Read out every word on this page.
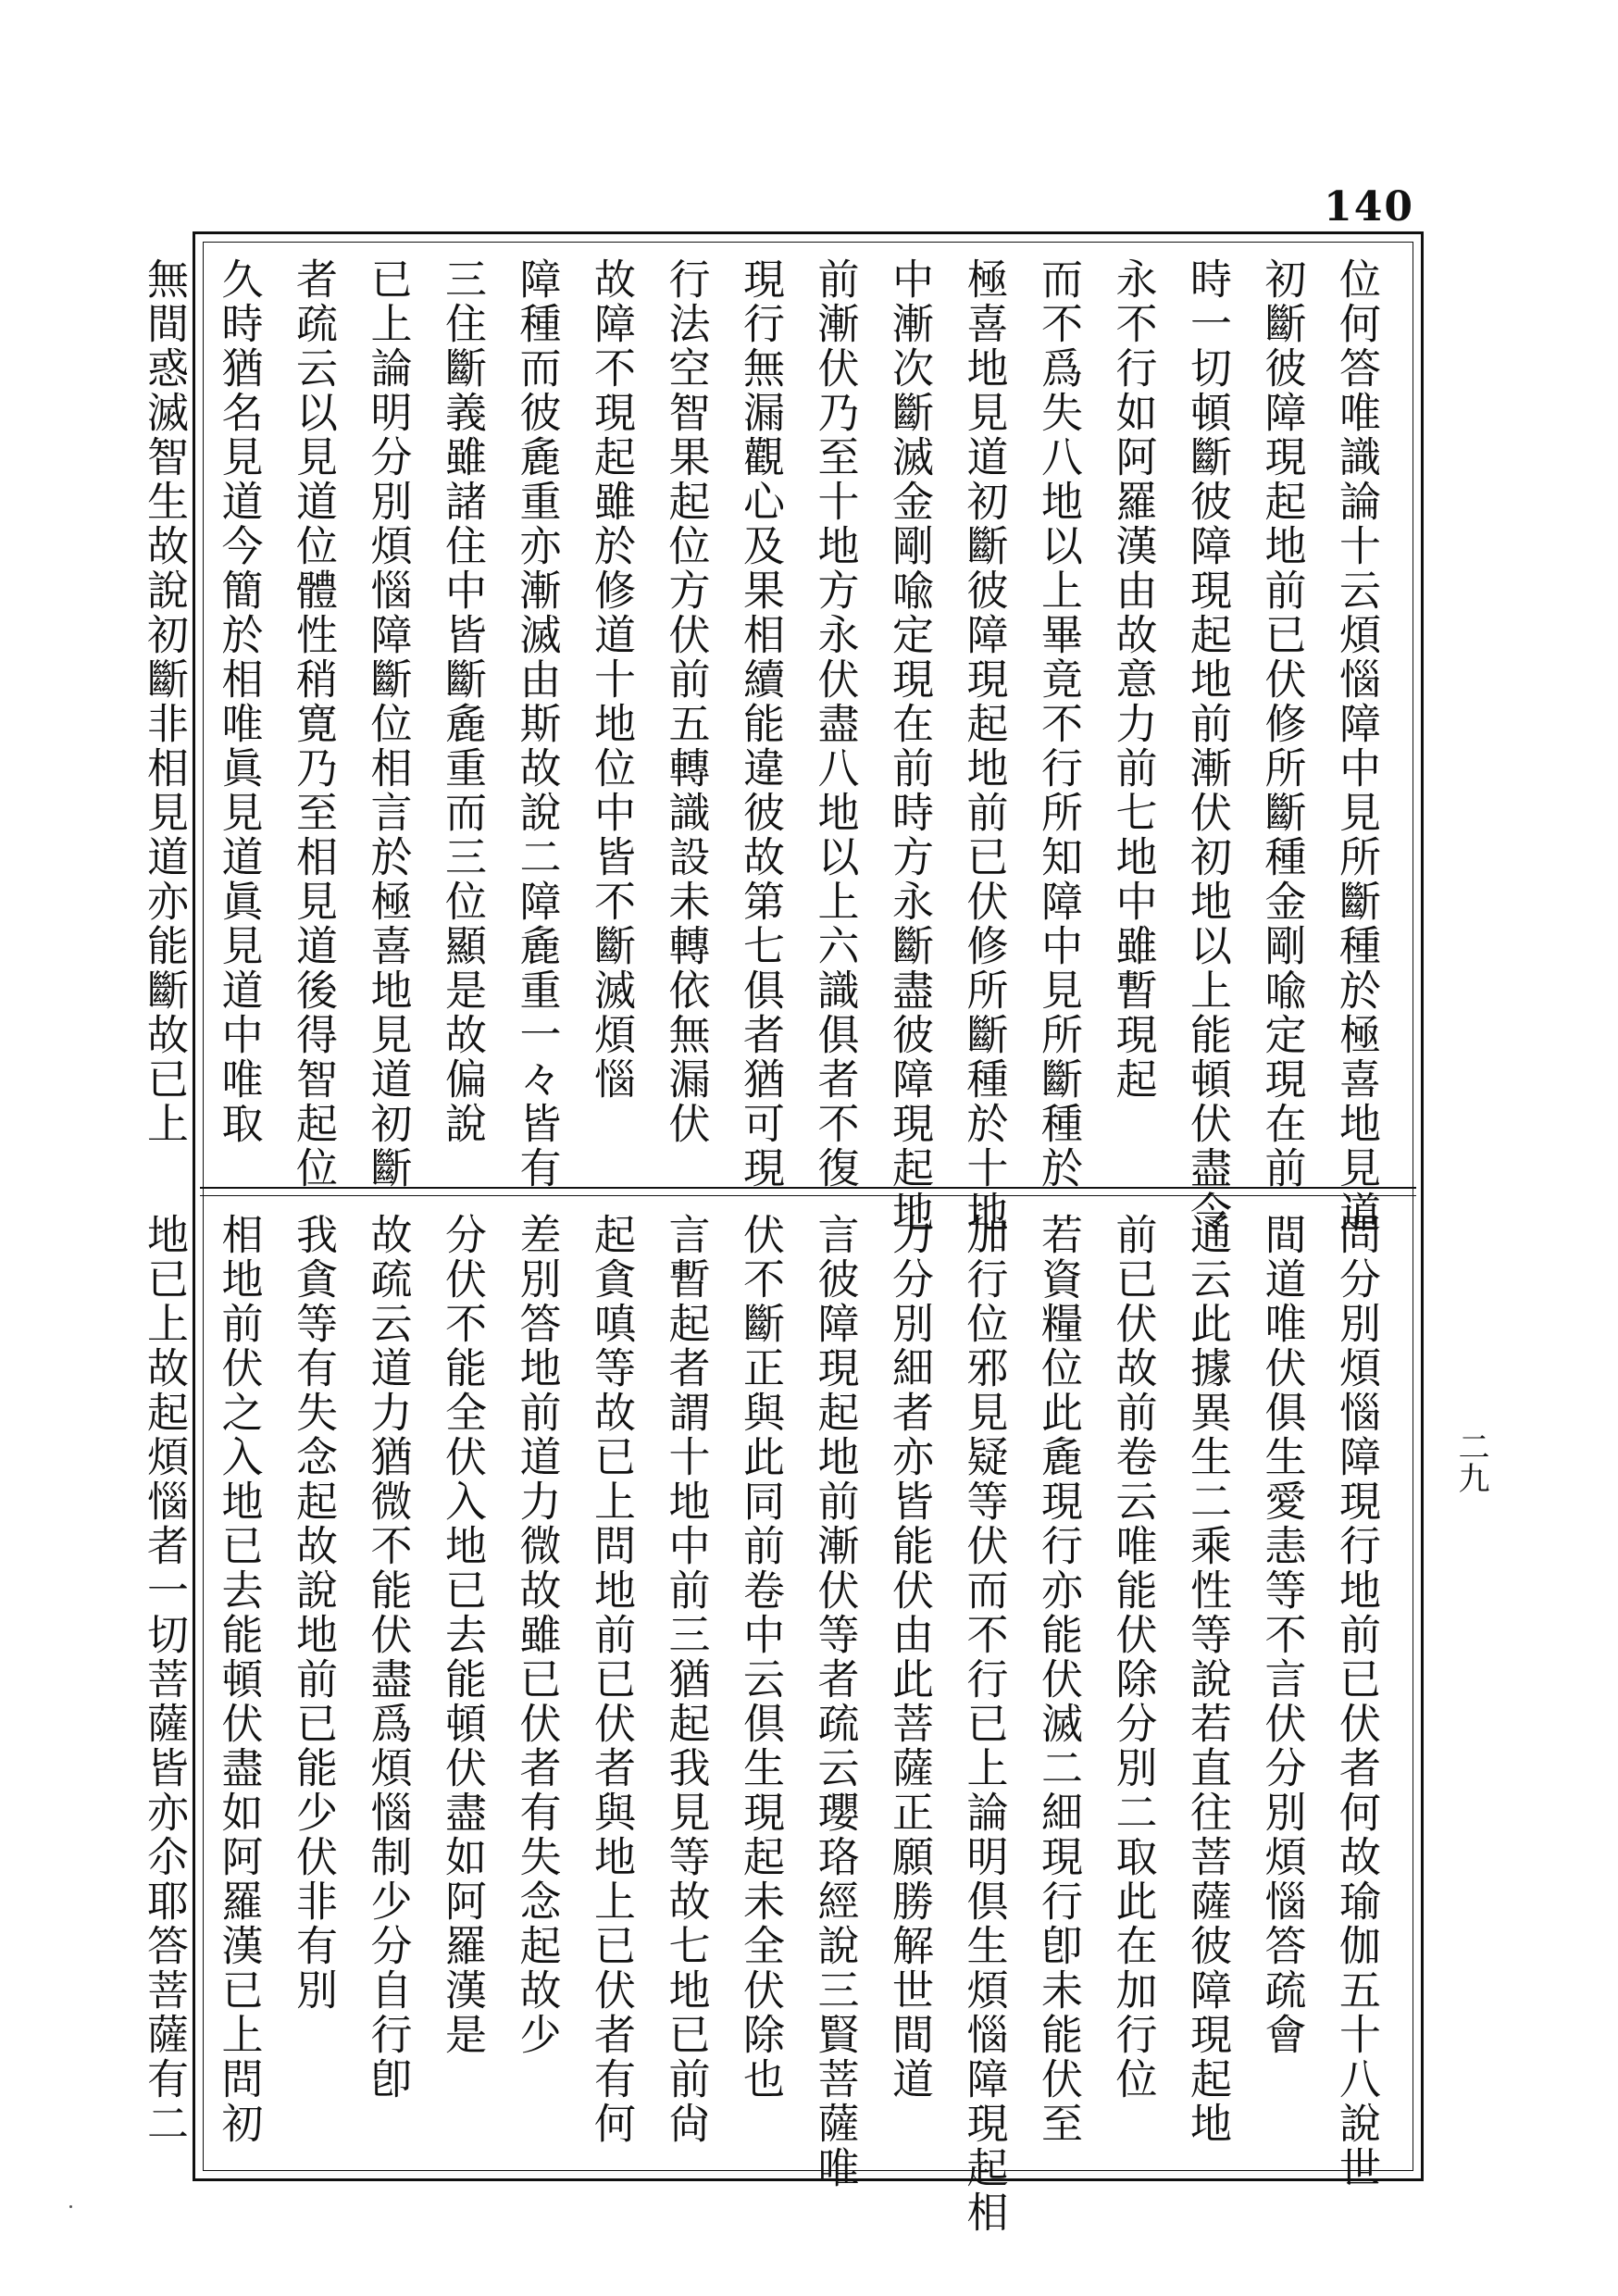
140
二九
位何答唯識論十云煩惱障中見所斷種於極喜地見道
初斷彼障現起地前已伏修所斷種金剛喩定現在前
時一切頓斷彼障現起地前漸伏初地以上能頓伏盡令
永不行如阿羅漢由故意力前七地中雖暫現起
而不爲失八地以上畢竟不行所知障中見所斷種於
極喜地見道初斷彼障現起地前已伏修所斷種於十地
中漸次斷滅金剛喩定現在前時方永斷盡彼障現起地
前漸伏乃至十地方永伏盡八地以上六識俱者不復
現行無漏觀心及果相續能違彼故第七俱者猶可現
行法空智果起位方伏前五轉識設未轉依無漏伏
故障不現起雖於修道十地位中皆不斷滅煩惱
障種而彼麁重亦漸滅由斯故說二障麁重一々皆有
三住斷義雖諸住中皆斷麁重而三位顯是故偏說
已上論明分別煩惱障斷位相言於極喜地見道初斷
者疏云以見道位體性稍寛乃至相見道後得智起位
久時猶名見道今簡於相唯眞見道眞見道中唯取
無間惑滅智生故說初斷非相見道亦能斷故已上
問分別煩惱障現行地前已伏者何故瑜伽五十八說世
間道唯伏俱生愛恚等不言伏分別煩惱答疏會
通云此據異生二乘性等說若直往菩薩彼障現起地
前已伏故前卷云唯能伏除分別二取此在加行位
若資糧位此麁現行亦能伏滅二細現行卽未能伏至
加行位邪見疑等伏而不行已上論明倶生煩惱障現起相
力分別細者亦皆能伏由此菩薩正願勝解世間道
言彼障現起地前漸伏等者疏云瓔珞經說三賢菩薩唯
伏不斷正與此同前卷中云倶生現起未全伏除也
言暫起者謂十地中前三猶起我見等故七地已前尙
起貪嗔等故已上問地前已伏者與地上已伏者有何
差別答地前道力微故雖已伏者有失念起故少
分伏不能全伏入地已去能頓伏盡如阿羅漢是
故疏云道力猶微不能伏盡爲煩惱制少分自行卽
我貪等有失念起故說地前已能少伏非有別
相地前伏之入地已去能頓伏盡如阿羅漢已上問初
地已上故起煩惱者一切菩薩皆亦尒耶答菩薩有二
